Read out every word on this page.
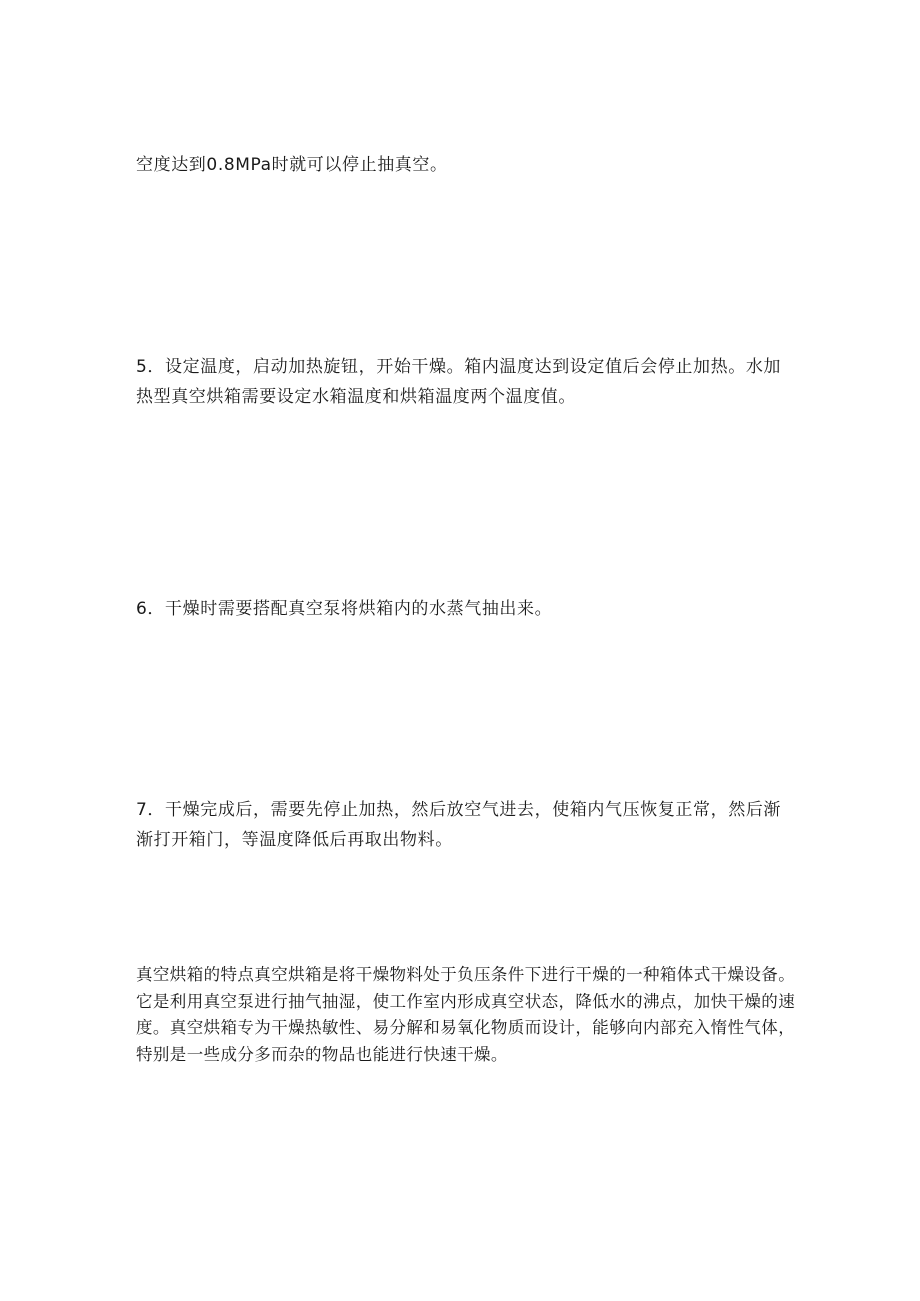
空度达到0.8MPa时就可以停止抽真空。

5．设定温度，启动加热旋钮，开始干燥。箱内温度达到设定值后会停止加热。水加热型真空烘箱需要设定水箱温度和烘箱温度两个温度值。

6．干燥时需要搭配真空泵将烘箱内的水蒸气抽出来。

7．干燥完成后，需要先停止加热，然后放空气进去，使箱内气压恢复正常，然后渐渐打开箱门，等温度降低后再取出物料。

真空烘箱的特点真空烘箱是将干燥物料处于负压条件下进行干燥的一种箱体式干燥设备。它是利用真空泵进行抽气抽湿，使工作室内形成真空状态，降低水的沸点，加快干燥的速度。真空烘箱专为干燥热敏性、易分解和易氧化物质而设计，能够向内部充入惰性气体，特别是一些成分多而杂的物品也能进行快速干燥。
